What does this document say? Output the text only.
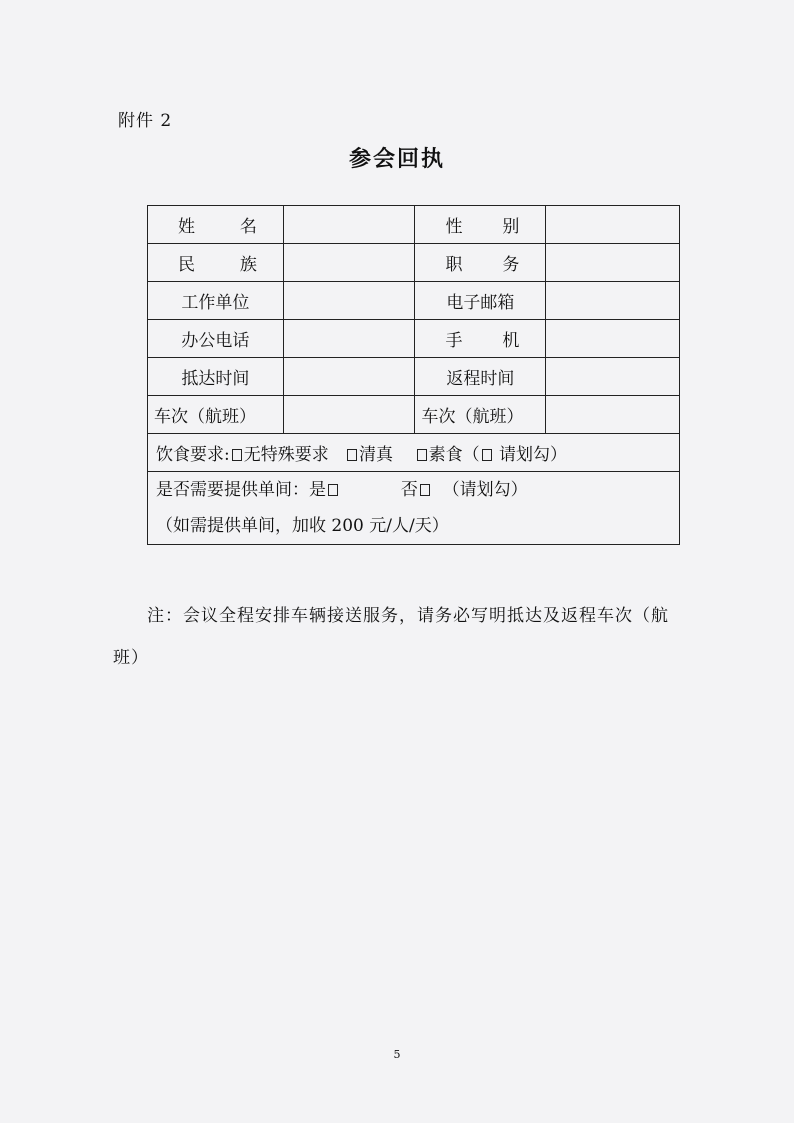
附件 2
参会回执
姓 名		性 别	

民 族		职 务	

工作单位		电子邮箱	
办公电话		手 机	

抵达时间		返程时间	
车次（航班）		车次（航班）	
饮食要求: 无特殊要求 清真 素食（ 请划勾）			

是否需要提供单间：是 否 （请划勾）
（如需提供单间，加收 200 元/人/天）			
注：会议全程安排车辆接送服务，请务必写明抵达及返程车次（航班）
5
